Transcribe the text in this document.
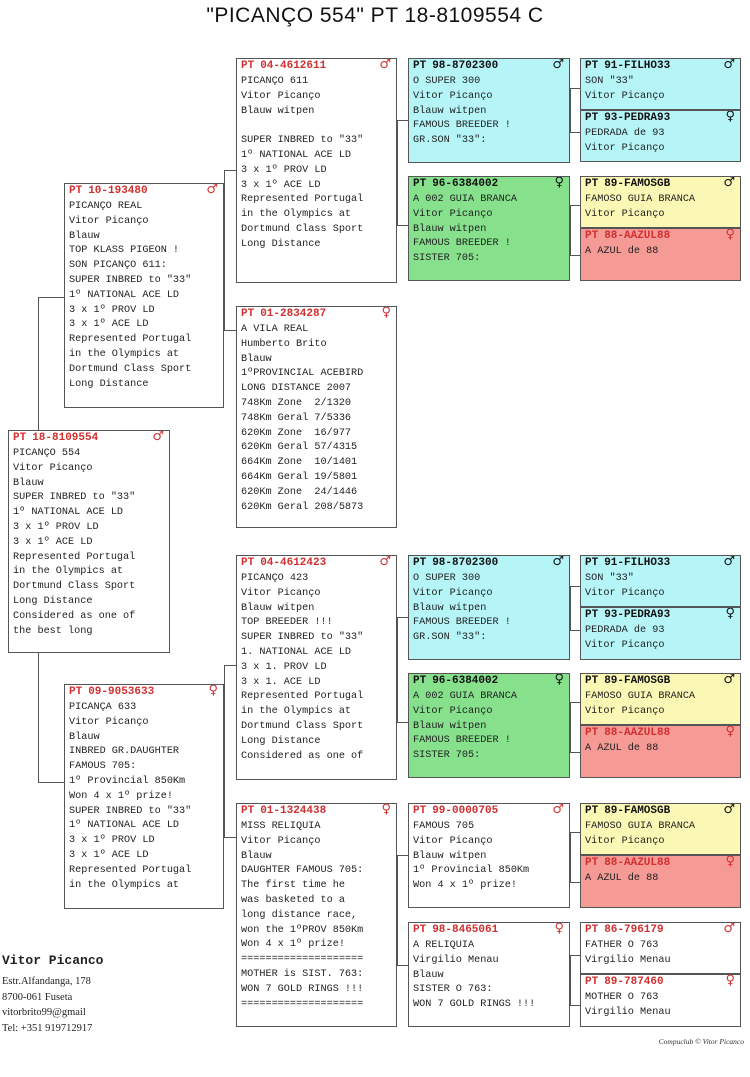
"PICANÇO 554" PT 18-8109554 C
PT 18-8109554	♂
PICANÇO 554
Vitor Picanço
Blauw
SUPER INBRED to "33"
1º NATIONAL ACE LD
3 x 1º PROV LD
3 x 1º ACE LD
Represented Portugal
in the Olympics at
Dortmund Class Sport
Long Distance
Considered as one of
the best long
PT 10-193480	♂
PICANÇO REAL
Vitor Picanço
Blauw
TOP KLASS PIGEON !
SON PICANÇO 611:
SUPER INBRED to "33"
1º NATIONAL ACE LD
3 x 1º PROV LD
3 x 1º ACE LD
Represented Portugal
in the Olympics at
Dortmund Class Sport
Long Distance
PT 09-9053633	♀
PICANÇA 633
Vitor Picanço
Blauw
INBRED GR.DAUGHTER
FAMOUS 705:
1º Provincial 850Km
Won 4 x 1º prize!
SUPER INBRED to "33"
1º NATIONAL ACE LD
3 x 1º PROV LD
3 x 1º ACE LD
Represented Portugal
in the Olympics at
PT 04-4612611	♂
PICANÇO 611
Vitor Picanço
Blauw witpen

SUPER INBRED to "33"
1º NATIONAL ACE LD
3 x 1º PROV LD
3 x 1º ACE LD
Represented Portugal
in the Olympics at
Dortmund Class Sport
Long Distance
PT 01-2834287	♀
A VILA REAL
Humberto Brito
Blauw
1ºPROVINCIAL ACEBIRD
LONG DISTANCE 2007
748Km Zone  2/1320
748Km Geral 7/5336
620Km Zone  16/977
620Km Geral 57/4315
664Km Zone  10/1401
664Km Geral 19/5801
620Km Zone  24/1446
620Km Geral 208/5873
PT 04-4612423	♂
PICANÇO 423
Vitor Picanço
Blauw witpen
TOP BREEDER !!!
SUPER INBRED to "33"
1. NATIONAL ACE LD
3 x 1. PROV LD
3 x 1. ACE LD
Represented Portugal
in the Olympics at
Dortmund Class Sport
Long Distance
Considered as one of
PT 01-1324438	♀
MISS RELIQUIA
Vitor Picanço
Blauw
DAUGHTER FAMOUS 705:
The first time he
was basketed to a
long distance race,
won the 1ºPROV 850Km
Won 4 x 1º prize!
====================
MOTHER is SIST. 763:
WON 7 GOLD RINGS !!!
====================
PT 98-8702300	♂
O SUPER 300
Vitor Picanço
Blauw witpen
FAMOUS BREEDER !
GR.SON "33":
PT 96-6384002	♀
A 002 GUIA BRANCA
Vitor Picanço
Blauw witpen
FAMOUS BREEDER !
SISTER 705:
PT 98-8702300	♂
O SUPER 300
Vitor Picanço
Blauw witpen
FAMOUS BREEDER !
GR.SON "33":
PT 96-6384002	♀
A 002 GUIA BRANCA
Vitor Picanço
Blauw witpen
FAMOUS BREEDER !
SISTER 705:
PT 99-0000705	♂
FAMOUS 705
Vitor Picanço
Blauw witpen
1º Provincial 850Km
Won 4 x 1º prize!
PT 98-8465061	♀
A RELIQUIA
Virgilio Menau
Blauw
SISTER O 763:
WON 7 GOLD RINGS !!!
PT 91-FILHO33	♂
SON "33"
Vitor Picanço
PT 93-PEDRA93	♀
PEDRADA de 93
Vitor Picanço
PT 89-FAMOSGB	♂
FAMOSO GUIA BRANCA
Vitor Picanço
PT 88-AAZUL88	♀
A AZUL de 88
PT 91-FILHO33	♂
SON "33"
Vitor Picanço
PT 93-PEDRA93	♀
PEDRADA de 93
Vitor Picanço
PT 89-FAMOSGB	♂
FAMOSO GUIA BRANCA
Vitor Picanço
PT 88-AAZUL88	♀
A AZUL de 88
PT 89-FAMOSGB	♂
FAMOSO GUIA BRANCA
Vitor Picanço
PT 88-AAZUL88	♀
A AZUL de 88
PT 86-796179	♂
FATHER O 763
Virgilio Menau
PT 89-787460	♀
MOTHER O 763
Virgilio Menau
Vitor Picanco
Estr.Alfandanga, 178
8700-061 Fuseta
vitorbrito99@gmail
Tel: +351 919712917
Compuclub © Vitor Picanco
